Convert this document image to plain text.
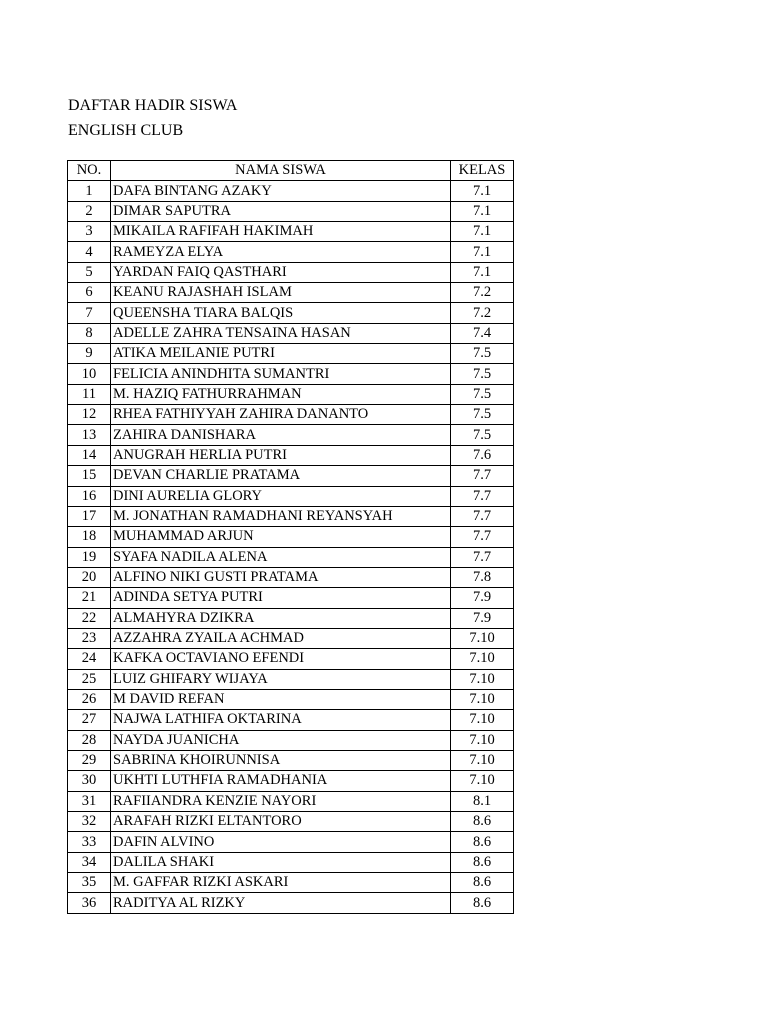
DAFTAR HADIR SISWA
ENGLISH CLUB
NO.	NAMA SISWA	KELAS
1	DAFA BINTANG AZAKY	7.1
2	DIMAR SAPUTRA	7.1
3	MIKAILA RAFIFAH HAKIMAH	7.1
4	RAMEYZA ELYA	7.1
5	YARDAN FAIQ QASTHARI	7.1
6	KEANU RAJASHAH ISLAM	7.2
7	QUEENSHA TIARA BALQIS	7.2
8	ADELLE ZAHRA TENSAINA HASAN	7.4
9	ATIKA MEILANIE PUTRI	7.5
10	FELICIA ANINDHITA SUMANTRI	7.5
11	M. HAZIQ FATHURRAHMAN	7.5
12	RHEA FATHIYYAH ZAHIRA DANANTO	7.5
13	ZAHIRA DANISHARA	7.5
14	ANUGRAH HERLIA PUTRI	7.6
15	DEVAN CHARLIE PRATAMA	7.7
16	DINI AURELIA GLORY	7.7
17	M. JONATHAN RAMADHANI REYANSYAH	7.7
18	MUHAMMAD ARJUN	7.7
19	SYAFA NADILA ALENA	7.7
20	ALFINO NIKI GUSTI PRATAMA	7.8
21	ADINDA SETYA PUTRI	7.9
22	ALMAHYRA DZIKRA	7.9
23	AZZAHRA ZYAILA ACHMAD	7.10
24	KAFKA OCTAVIANO EFENDI	7.10
25	LUIZ GHIFARY WIJAYA	7.10
26	M DAVID REFAN	7.10
27	NAJWA LATHIFA OKTARINA	7.10
28	NAYDA JUANICHA	7.10
29	SABRINA KHOIRUNNISA	7.10
30	UKHTI LUTHFIA RAMADHANIA	7.10
31	RAFIIANDRA KENZIE NAYORI	8.1
32	ARAFAH RIZKI ELTANTORO	8.6
33	DAFIN ALVINO	8.6
34	DALILA SHAKI	8.6
35	M. GAFFAR RIZKI ASKARI	8.6
36	RADITYA AL RIZKY	8.6
